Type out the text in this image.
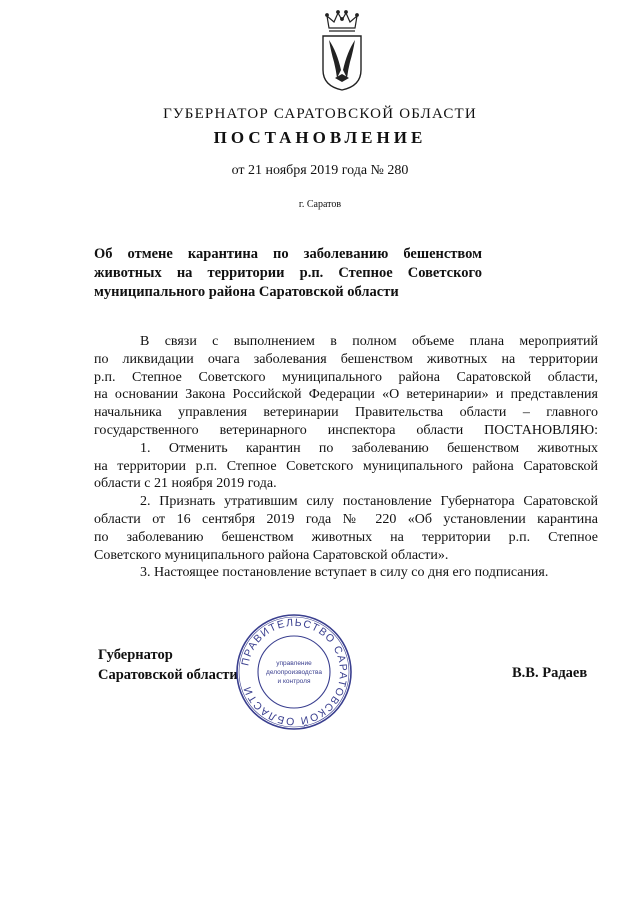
ГУБЕРНАТОР САРАТОВСКОЙ ОБЛАСТИ
ПОСТАНОВЛЕНИЕ
от 21 ноября 2019 года № 280
г. Саратов
Об отмене карантина по заболеванию бешенством
животных на территории р.п. Степное Советского
муниципального района Саратовской области

В связи с выполнением в полном объеме плана мероприятий
по ликвидации очага заболевания бешенством животных на территории
р.п. Степное Советского муниципального района Саратовской области,
на основании Закона Российской Федерации «О ветеринарии» и представления
начальника управления ветеринарии Правительства области – главного
государственного ветеринарного инспектора области ПОСТАНОВЛЯЮ:

1. Отменить карантин по заболеванию бешенством животных
на территории р.п. Степное Советского муниципального района Саратовской
области с 21 ноября 2019 года.

2. Признать утратившим силу постановление Губернатора Саратовской
области от 16 сентября 2019 года № 220 «Об установлении карантина
по заболеванию бешенством животных на территории р.п. Степное
Советского муниципального района Саратовской области».

3. Настоящее постановление вступает в силу со дня его подписания.

Губернатор
Саратовской области	В.В. Радаев
ПРАВИТЕЛЬСТВО САРАТОВСКОЙ ОБЛАСТИ
управление
делопроизводства
и контроля
